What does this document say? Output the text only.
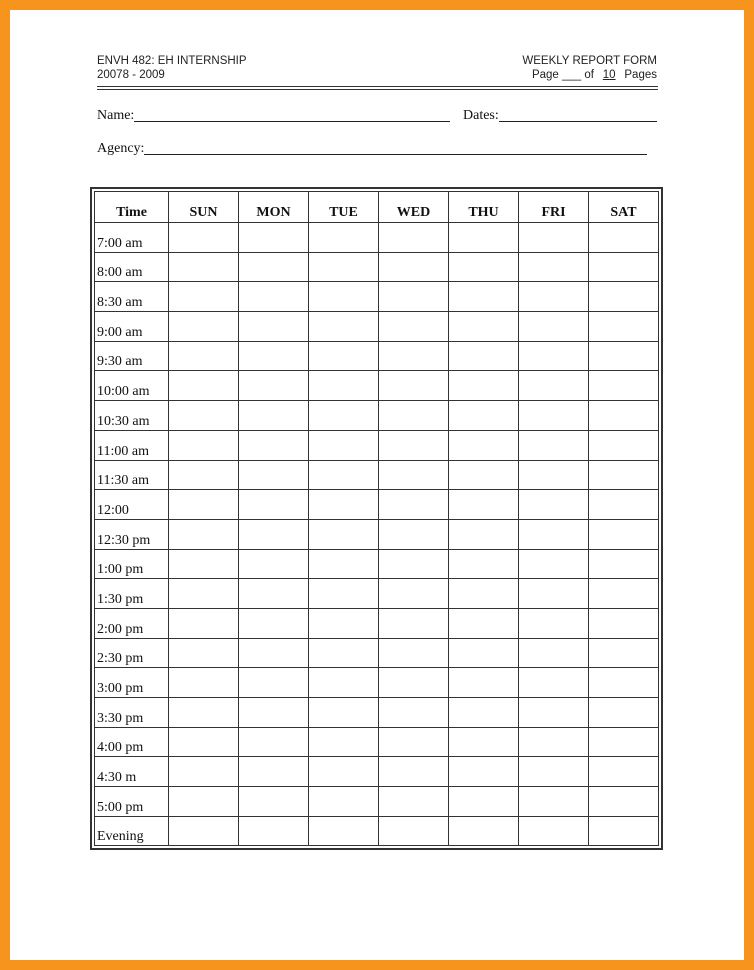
ENVH 482: EH INTERNSHIP
20078 - 2009
WEEKLY REPORT FORM
Page ___ of 10 Pages
Name:	Dates:
Agency:
Time	SUN	MON	TUE	WED	THU	FRI	SAT
7:00 am							
8:00 am							
8:30 am							
9:00 am							
9:30 am							
10:00 am							
10:30 am							
11:00 am							
11:30 am							
12:00							
12:30 pm							
1:00 pm							
1:30 pm							
2:00 pm							
2:30 pm							
3:00 pm							
3:30 pm							
4:00 pm							
4:30 m							
5:00 pm							
Evening							
